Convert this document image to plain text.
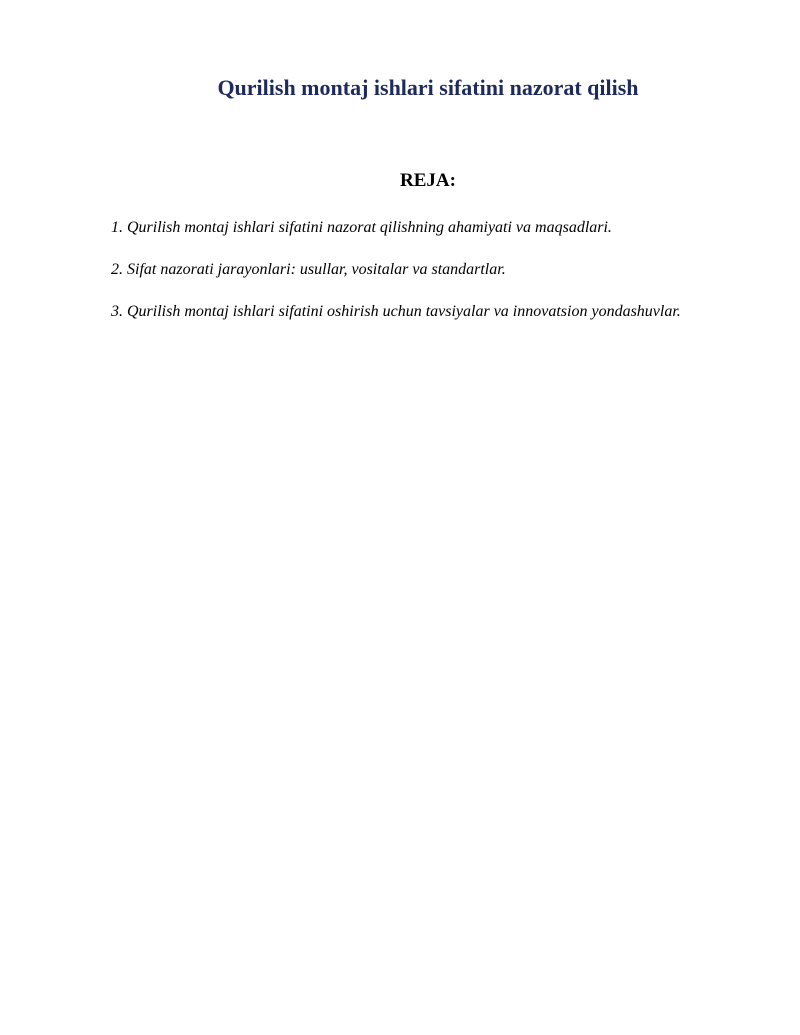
Qurilish montaj ishlari sifatini nazorat qilish
REJA:
1. Qurilish montaj ishlari sifatini nazorat qilishning ahamiyati va maqsadlari.
2. Sifat nazorati jarayonlari: usullar, vositalar va standartlar.
3. Qurilish montaj ishlari sifatini oshirish uchun tavsiyalar va innovatsion yondashuvlar.
